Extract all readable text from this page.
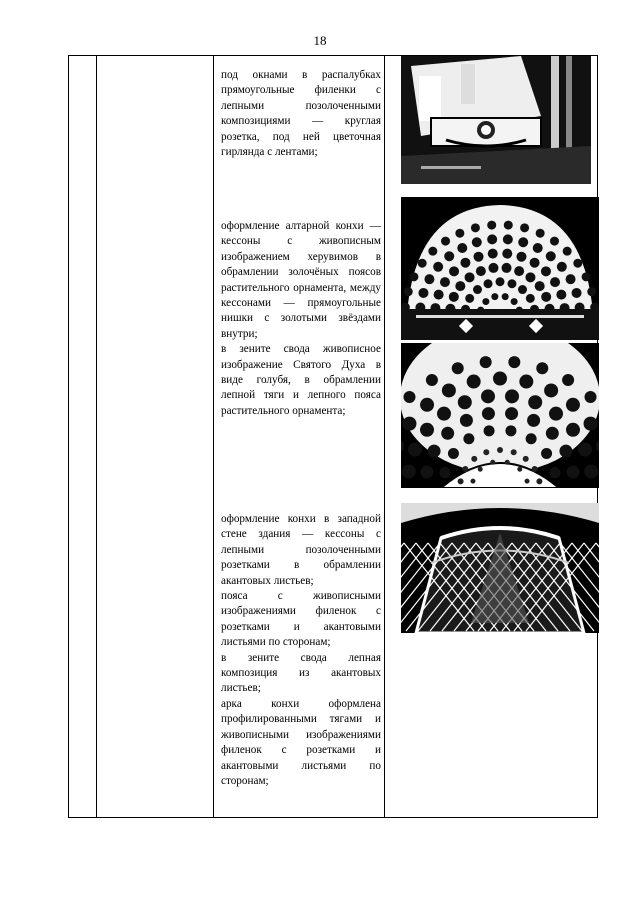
18

под окнами в распалубках прямоугольные филенки с лепными позолоченными композициями — круглая розетка, под ней цветочная гирлянда с лентами;

оформление алтарной конхи — кессоны с живописным изображением херувимов в обрамлении золочёных поясов растительного орнамента, между кессонами — прямоугольные нишки с золотыми звёздами внутри;

в зените свода живописное изображение Святого Духа в виде голубя, в обрамлении лепной тяги и лепного пояса растительного орнамента;

оформление конхи в западной стене здания — кессоны с лепными позолоченными розетками в обрамлении акантовых листьев;

пояса с живописными изображениями филенок с розетками и акантовыми листьями по сторонам;

в зените свода лепная композиция из акантовых листьев;

арка конхи оформлена профилированными тягами и живописными изображениями филенок с розетками и акантовыми листьями по сторонам;
